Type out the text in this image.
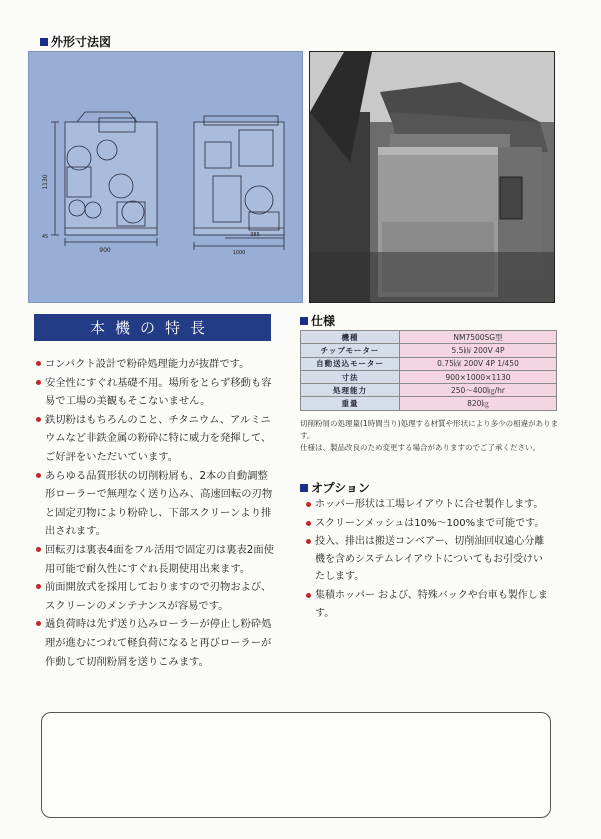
外形寸法図
900
1130
45	385
1000
本機の特長
コンパクト設計で粉砕処理能力が抜群です。
安全性にすぐれ基礎不用。場所をとらず移動も容易で工場の美観もそこないません。
鉄切粉はもちろんのこと、チタニウム、アルミニウムなど非鉄金属の粉砕に特に威力を発揮して、ご好評をいただいています。
あらゆる品質形状の切削粉屑も、2本の自動調整形ローラーで無理なく送り込み、高速回転の刃物と固定刃物により粉砕し、下部スクリーンより排出されます。
回転刃は裏表4面をフル活用で固定刃は裏表2面使用可能で耐久性にすぐれ長期使用出来ます。
前面開放式を採用しておりますので刃物および、スクリーンのメンテナンスが容易です。
過負荷時は先ず送り込みローラーが停止し粉砕処理が進むにつれて軽負荷になると再びローラーが作動して切削粉屑を送りこみます。
仕様
機種	NM7500SG型
チップモーター	5.5㎾ 200V 4P
自動送込モーター	0.75㎾ 200V 4P 1/450
寸法	900×1000×1130
処理能力	250～400㎏/hr
重量	820㎏
切削粉屑の処理量(1時間当り)処理する材質や形状により多少の相違があります。
仕様は、製品改良のため変更する場合がありますのでご了承ください。
オプション
ホッパー形状は工場レイアウトに合せ製作します。
スクリーンメッシュは10%～100%まで可能です。
投入、排出は搬送コンベアー、切削油回収遠心分離機を含めシステムレイアウトについてもお引受けいたします。
集積ホッパー および、特殊バックや台車も製作します。
